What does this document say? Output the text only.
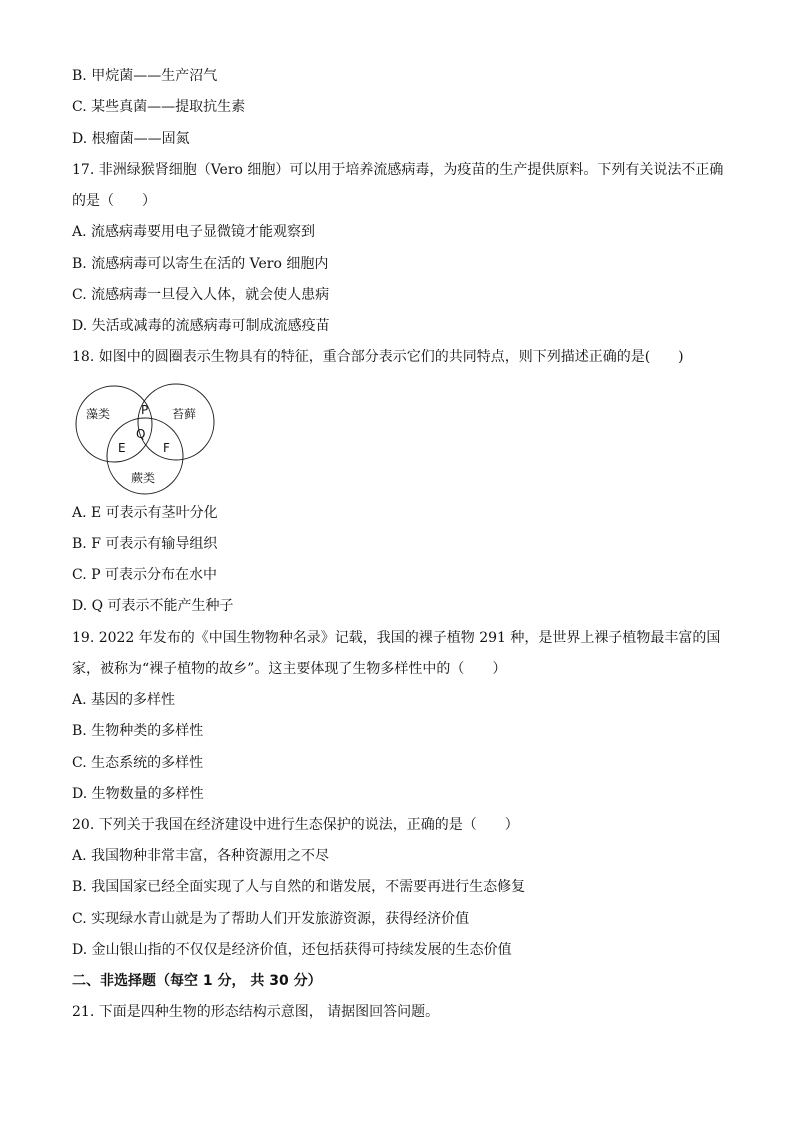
B. 甲烷菌——生产沼气
C. 某些真菌——提取抗生素
D. 根瘤菌——固氮
17. 非洲绿猴肾细胞（Vero 细胞）可以用于培养流感病毒，为疫苗的生产提供原料。下列有关说法不正确
的是（　　）
A. 流感病毒要用电子显微镜才能观察到
B. 流感病毒可以寄生在活的 Vero 细胞内
C. 流感病毒一旦侵入人体，就会使人患病
D. 失活或减毒的流感病毒可制成流感疫苗
18. 如图中的圆圈表示生物具有的特征，重合部分表示它们的共同特点，则下列描述正确的是(　　)
藻类	苔藓
蕨类
P
Q
E	F
A. E 可表示有茎叶分化
B. F 可表示有输导组织
C. P 可表示分布在水中
D. Q 可表示不能产生种子
19. 2022 年发布的《中国生物物种名录》记载，我国的裸子植物 291 种，是世界上裸子植物最丰富的国
家，被称为“裸子植物的故乡”。这主要体现了生物多样性中的（　　）
A. 基因的多样性
B. 生物种类的多样性
C. 生态系统的多样性
D. 生物数量的多样性
20. 下列关于我国在经济建设中进行生态保护的说法，正确的是（　　）
A. 我国物种非常丰富，各种资源用之不尽
B. 我国国家已经全面实现了人与自然的和谐发展，不需要再进行生态修复
C. 实现绿水青山就是为了帮助人们开发旅游资源，获得经济价值
D. 金山银山指的不仅仅是经济价值，还包括获得可持续发展的生态价值
二、非选择题（每空 1 分， 共 30 分）
21. 下面是四种生物的形态结构示意图， 请据图回答问题。
